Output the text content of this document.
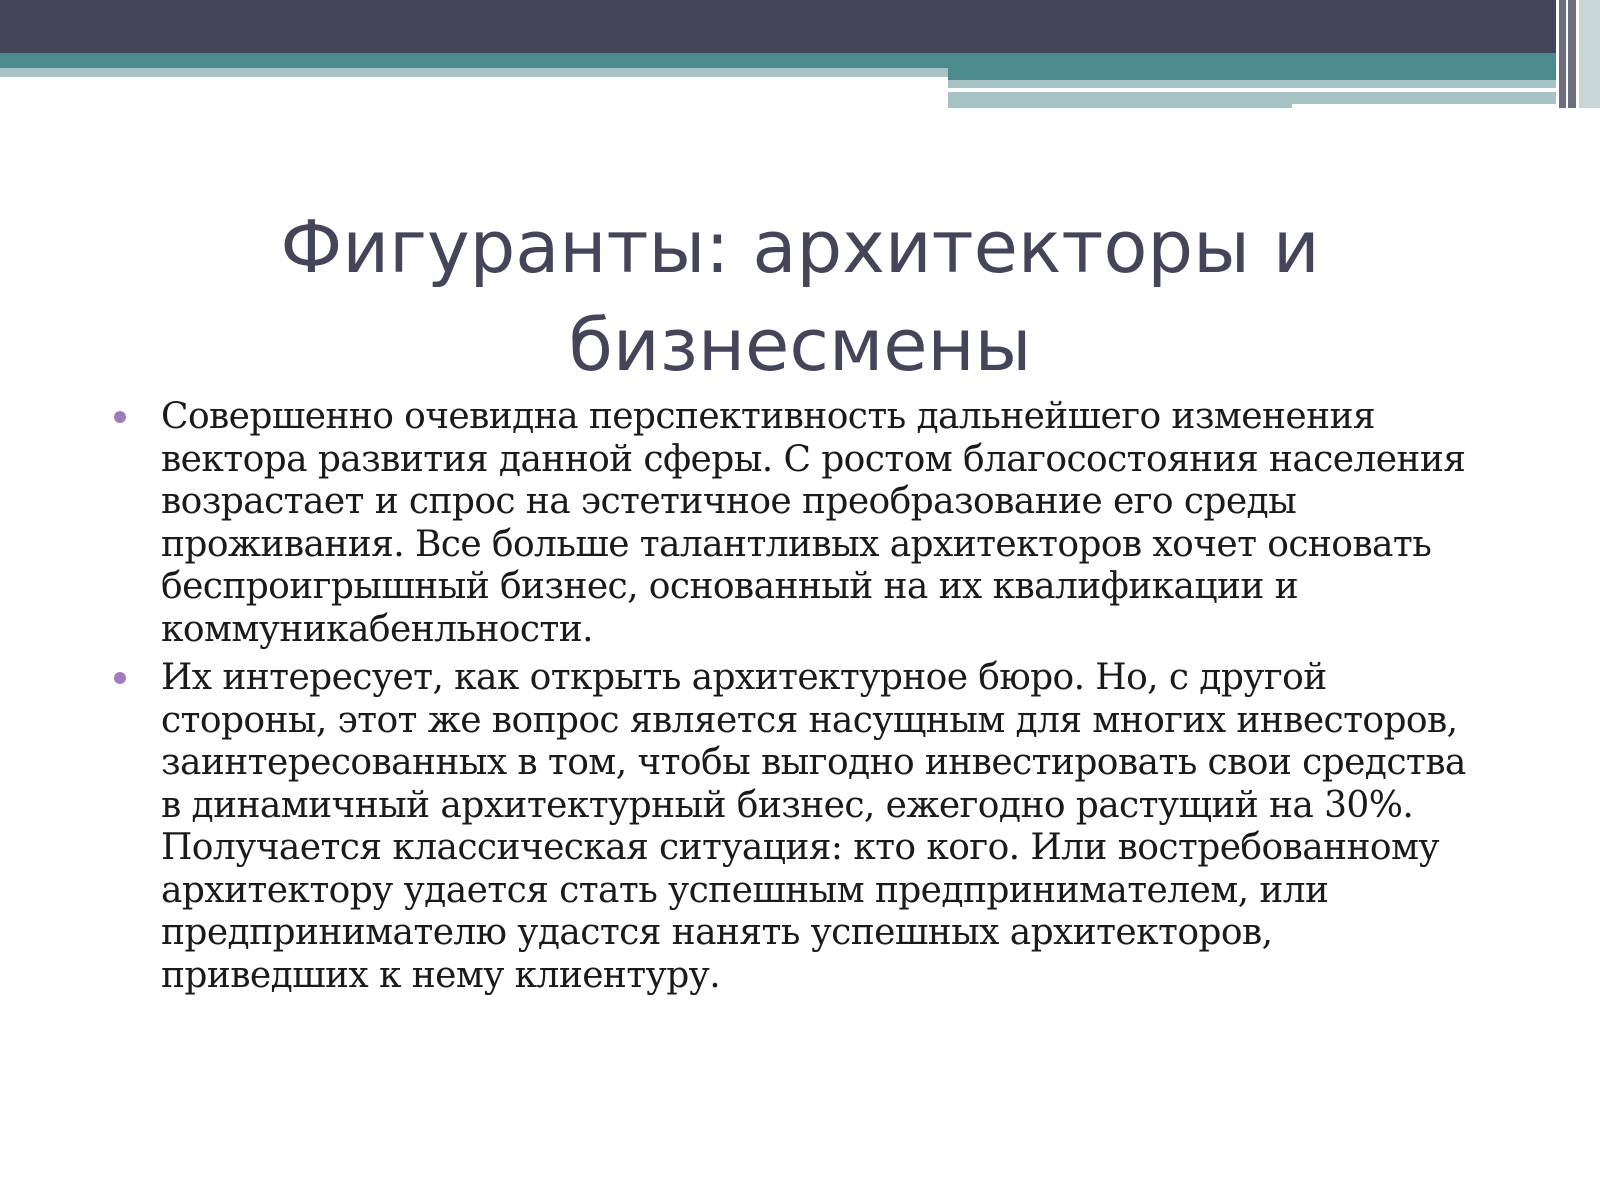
Фигуранты: архитекторы и бизнесмены
Совершенно очевидна перспективность дальнейшего изменения вектора развития данной сферы. С ростом благосостояния населения возрастает и спрос на эстетичное преобразование его среды проживания. Все больше талантливых архитекторов хочет основать беспроигрышный бизнес, основанный на их квалификации и коммуникабенльности.
Их интересует, как открыть архитектурное бюро. Но, с другой стороны, этот же вопрос является насущным для многих инвесторов, заинтересованных в том, чтобы выгодно инвестировать свои средства в динамичный архитектурный бизнес, ежегодно растущий на 30%. Получается классическая ситуация: кто кого. Или востребованному архитектору удается стать успешным предпринимателем, или предпринимателю удастся нанять успешных архитекторов, приведших к нему клиентуру.
